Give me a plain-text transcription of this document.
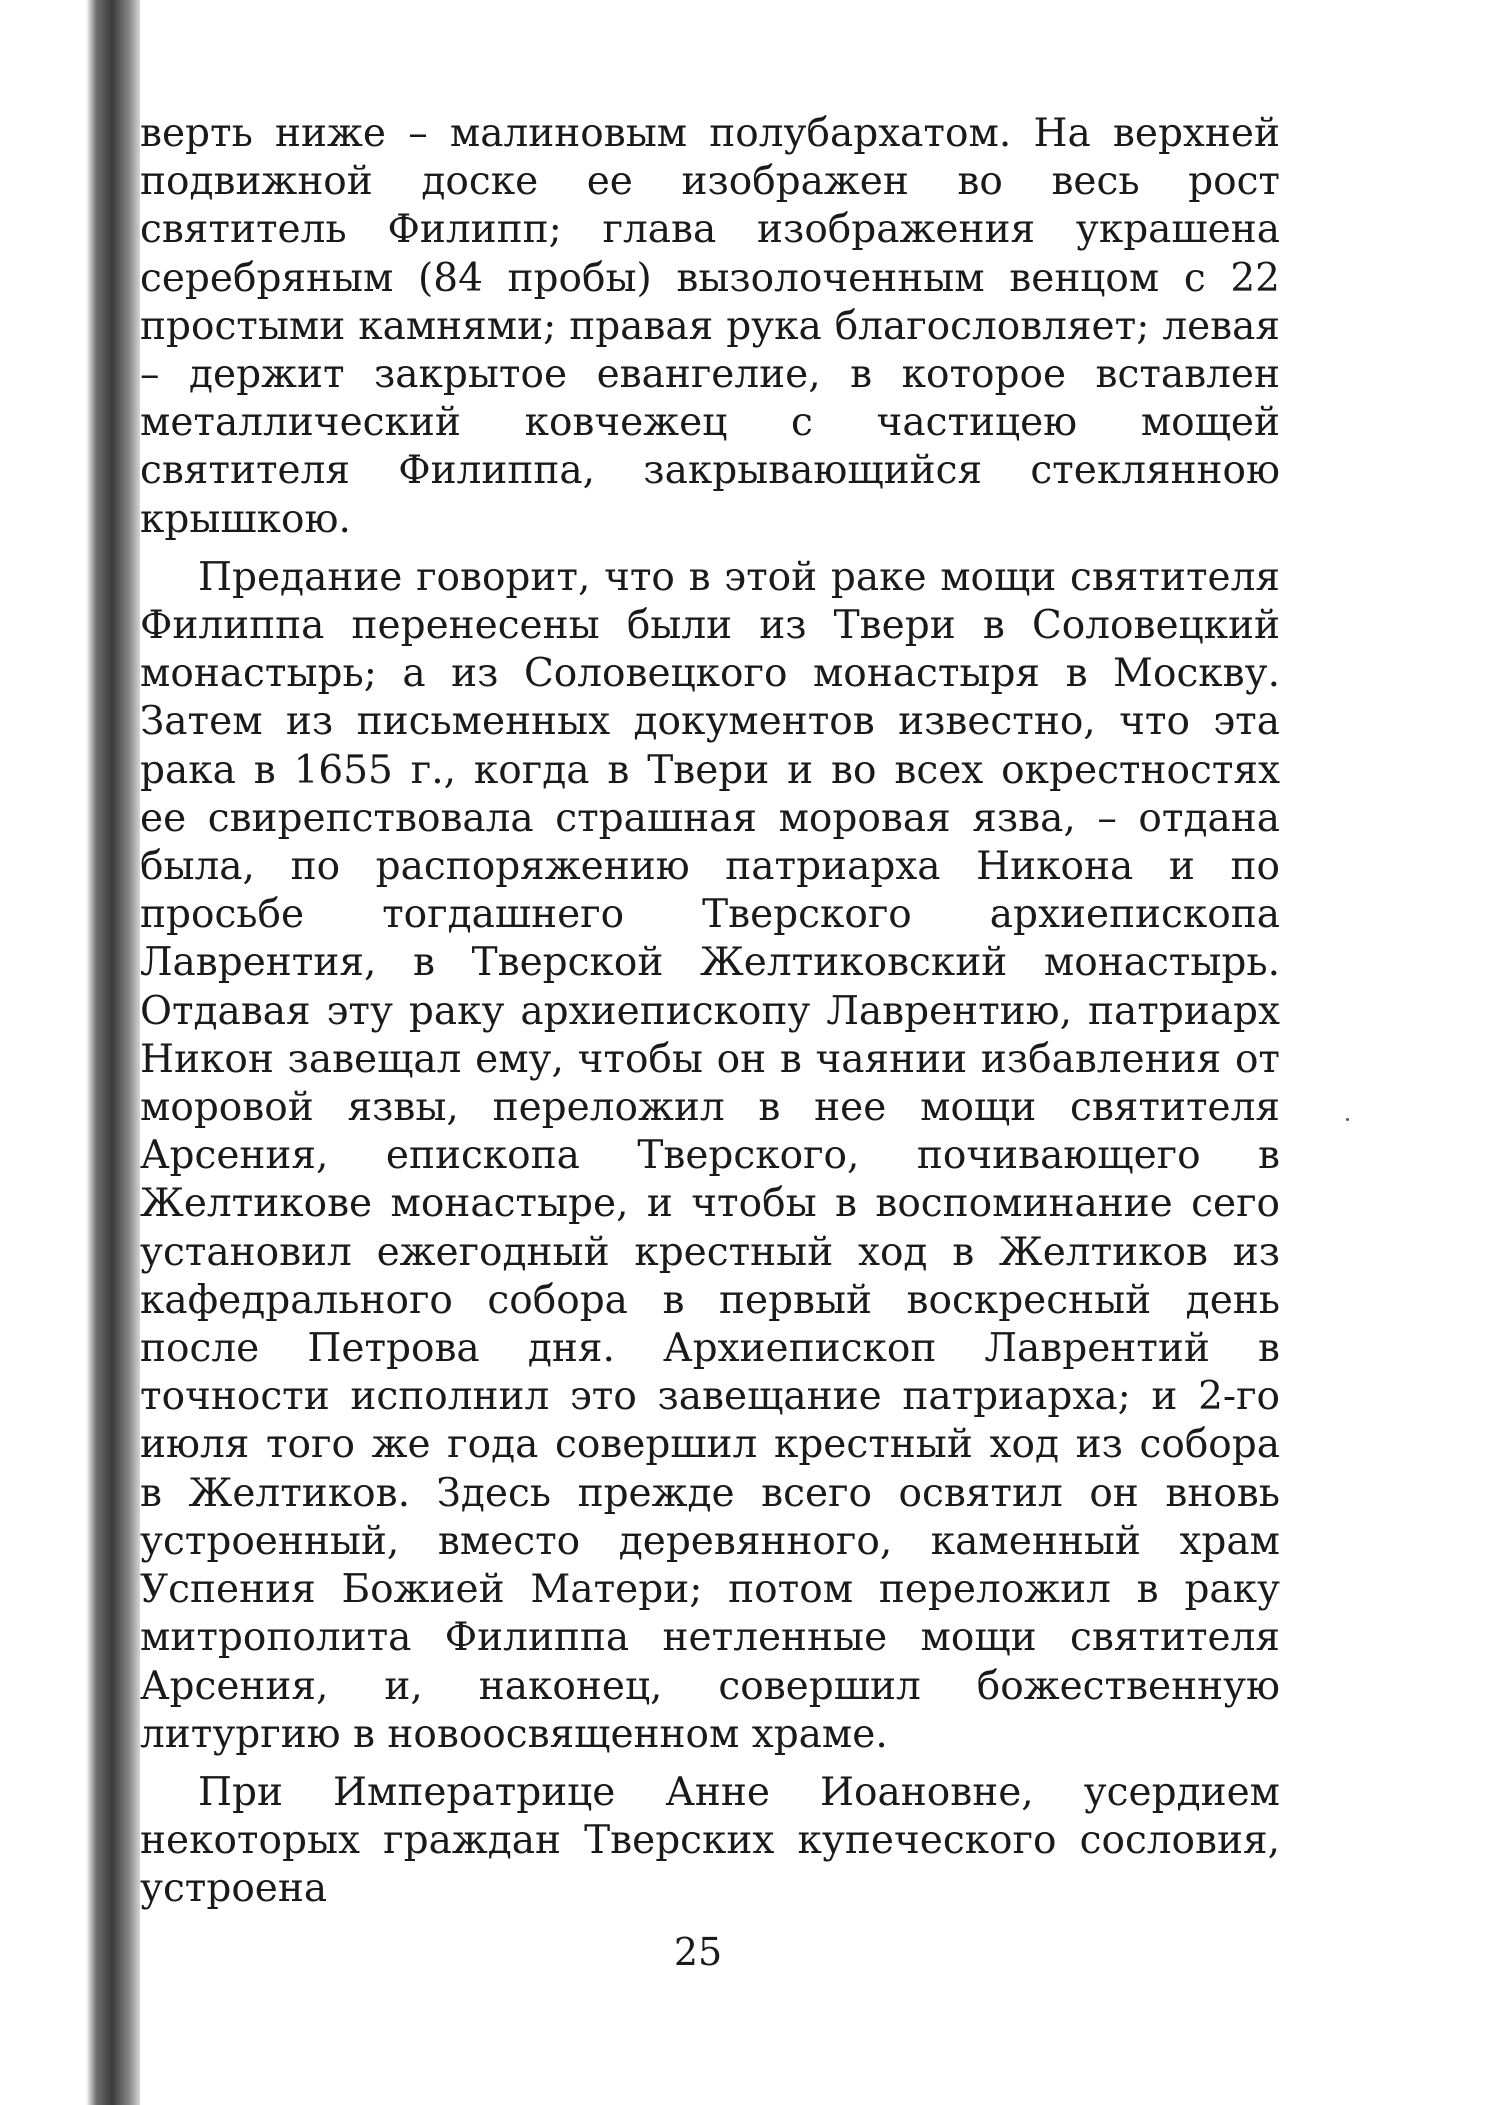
верть ниже – малиновым полубархатом. На верхней подвижной доске ее изображен во весь рост святитель Филипп; глава изображения украшена серебряным (84 пробы) вызолоченным венцом с 22 простыми камнями; правая рука благословляет; левая – держит закрытое евангелие, в которое вставлен металлический ковчежец с частицею мощей святителя Филиппа, закрывающийся стеклянною крышкою.

Предание говорит, что в этой раке мощи святителя Филиппа перенесены были из Твери в Соловецкий монастырь; а из Соловецкого монастыря в Москву. Затем из письменных документов известно, что эта рака в 1655 г., когда в Твери и во всех окрестностях ее свирепствовала страшная моровая язва, – отдана была, по распоряжению патриарха Никона и по просьбе тогдашнего Тверского архиепископа Лаврентия, в Тверской Желтиковский монастырь. Отдавая эту раку архиепископу Лаврентию, патриарх Никон завещал ему, чтобы он в чаянии избавления от моровой язвы, переложил в нее мощи святителя Арсения, епископа Тверского, почивающего в Желтикове монастыре, и чтобы в воспоминание сего установил ежегодный крестный ход в Желтиков из кафедрального собора в первый воскресный день после Петрова дня. Архиепископ Лаврентий в точности исполнил это завещание патриарха; и 2-го июля того же года совершил крестный ход из собора в Желтиков. Здесь прежде всего освятил он вновь устроенный, вместо деревянного, каменный храм Успения Божией Матери; потом переложил в раку митрополита Филиппа нетленные мощи святителя Арсения, и, наконец, совершил божественную литургию в новоосвященном храме.

При Императрице Анне Иоановне, усердием некоторых граждан Тверских купеческого сословия, устроена

25
